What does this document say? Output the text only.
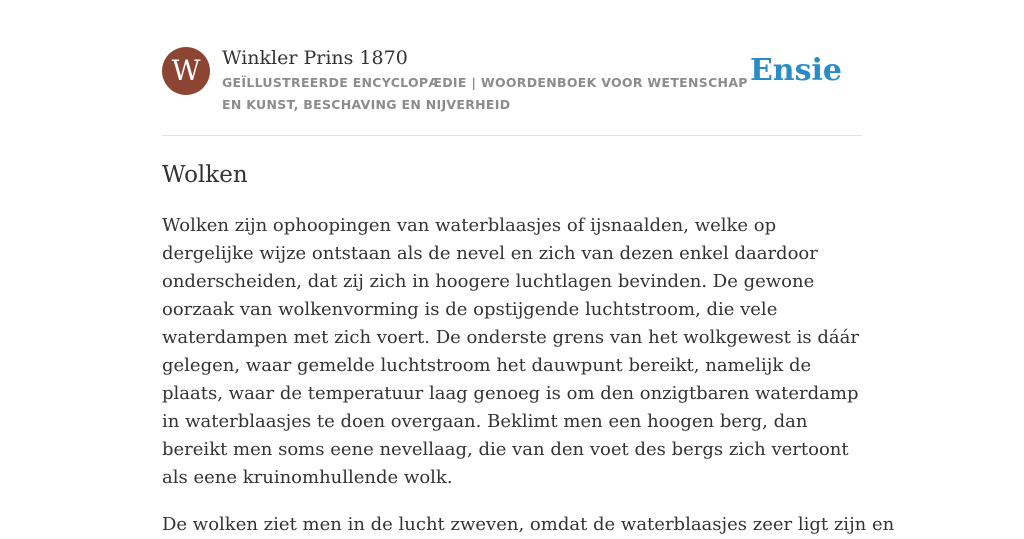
W	Winkler Prins 1870
GEÏLLUSTREERDE ENCYCLOPÆDIE | WOORDENBOEK VOOR WETENSCHAP EN KUNST, BESCHAVING EN NIJVERHEID
Ensie
Wolken

Wolken zijn ophoopingen van waterblaasjes of ijsnaalden, welke op dergelijke wijze ontstaan als de nevel en zich van dezen enkel daardoor onderscheiden, dat zij zich in hoogere luchtlagen bevinden. De gewone oorzaak van wolkenvorming is de opstijgende luchtstroom, die vele waterdampen met zich voert. De onderste grens van het wolkgewest is dáár gelegen, waar gemelde luchtstroom het dauwpunt bereikt, namelijk de plaats, waar de temperatuur laag genoeg is om den onzigtbaren waterdamp in waterblaasjes te doen overgaan. Beklimt men een hoogen berg, dan bereikt men soms eene nevellaag, die van den voet des bergs zich vertoont als eene kruinomhullende wolk.

De wolken ziet men in de lucht zweven, omdat de waterblaasjes zeer ligt zijn en
